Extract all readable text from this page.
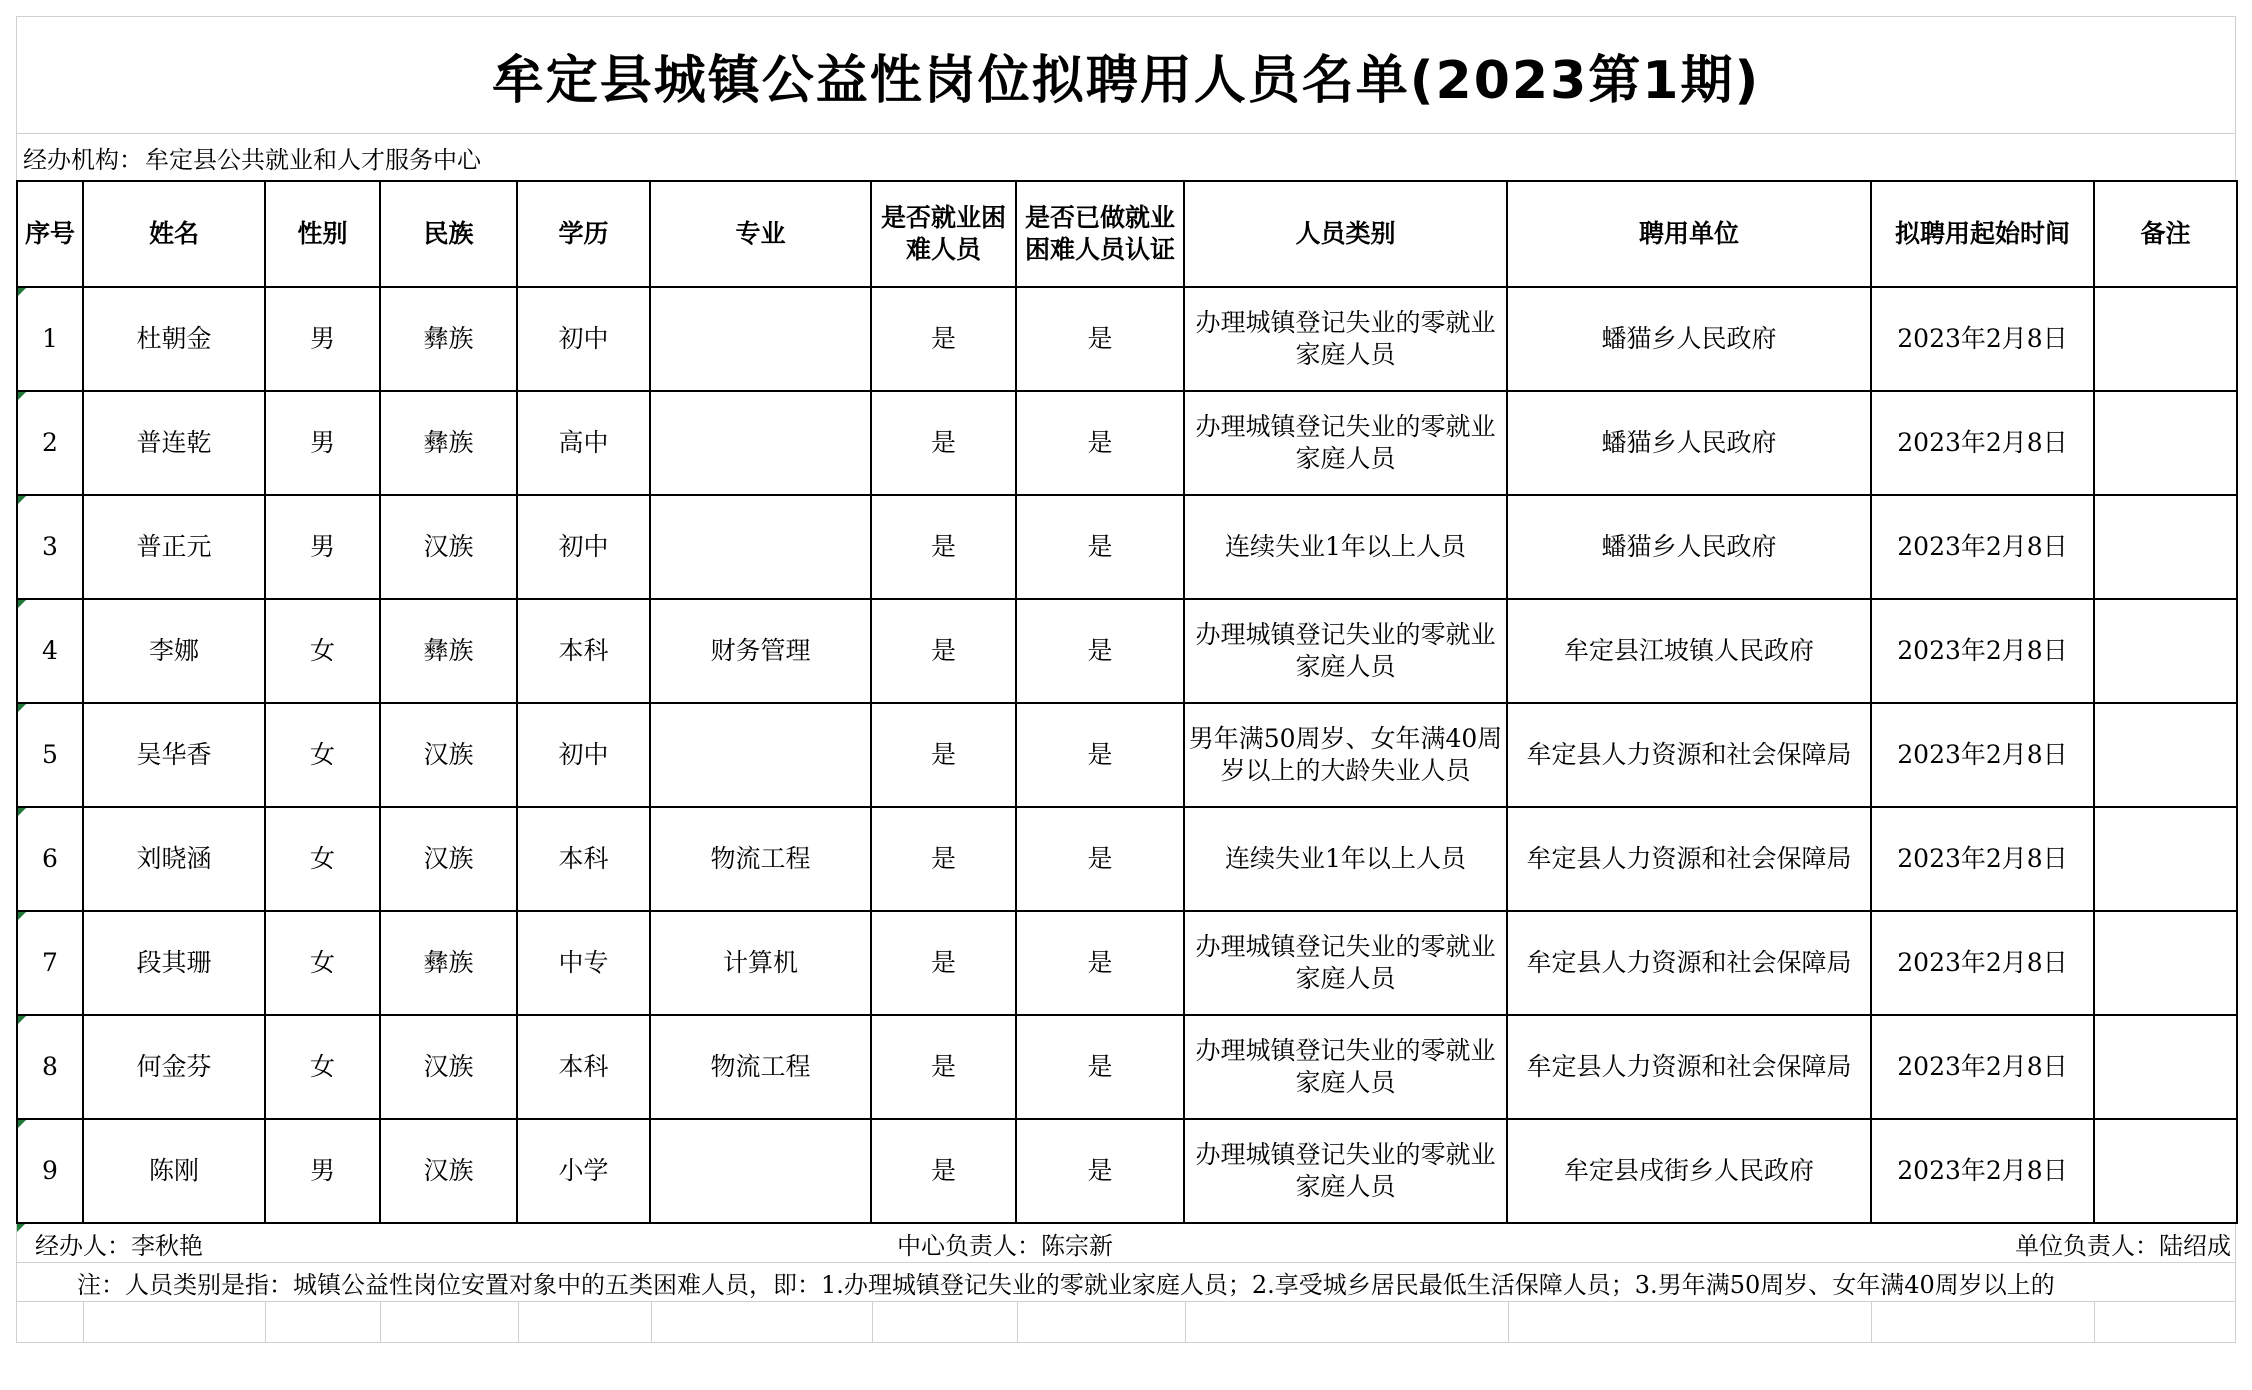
牟定县城镇公益性岗位拟聘用人员名单(2023第1期)
经办机构： 牟定县公共就业和人才服务中心
序号	姓名	性别	民族	学历	专业	是否就业困难人员	是否已做就业困难人员认证	人员类别	聘用单位	拟聘用起始时间	备注

1	杜朝金	男	彝族	初中		是	是	办理城镇登记失业的零就业家庭人员	蟠猫乡人民政府	2023年2月8日	

2	普连乾	男	彝族	高中		是	是	办理城镇登记失业的零就业家庭人员	蟠猫乡人民政府	2023年2月8日	

3	普正元	男	汉族	初中		是	是	连续失业1年以上人员	蟠猫乡人民政府	2023年2月8日	

4	李娜	女	彝族	本科	财务管理	是	是	办理城镇登记失业的零就业家庭人员	牟定县江坡镇人民政府	2023年2月8日	

5	吴华香	女	汉族	初中		是	是	男年满50周岁、女年满40周岁以上的大龄失业人员	牟定县人力资源和社会保障局	2023年2月8日	

6	刘晓涵	女	汉族	本科	物流工程	是	是	连续失业1年以上人员	牟定县人力资源和社会保障局	2023年2月8日	

7	段其珊	女	彝族	中专	计算机	是	是	办理城镇登记失业的零就业家庭人员	牟定县人力资源和社会保障局	2023年2月8日	

8	何金芬	女	汉族	本科	物流工程	是	是	办理城镇登记失业的零就业家庭人员	牟定县人力资源和社会保障局	2023年2月8日	

9	陈刚	男	汉族	小学		是	是	办理城镇登记失业的零就业家庭人员	牟定县戌街乡人民政府	2023年2月8日	
经办人：李秋艳	中心负责人：陈宗新	单位负责人：陆绍成
注：人员类别是指：城镇公益性岗位安置对象中的五类困难人员，即：1.办理城镇登记失业的零就业家庭人员；2.享受城乡居民最低生活保障人员；3.男年满50周岁、女年满40周岁以上的
